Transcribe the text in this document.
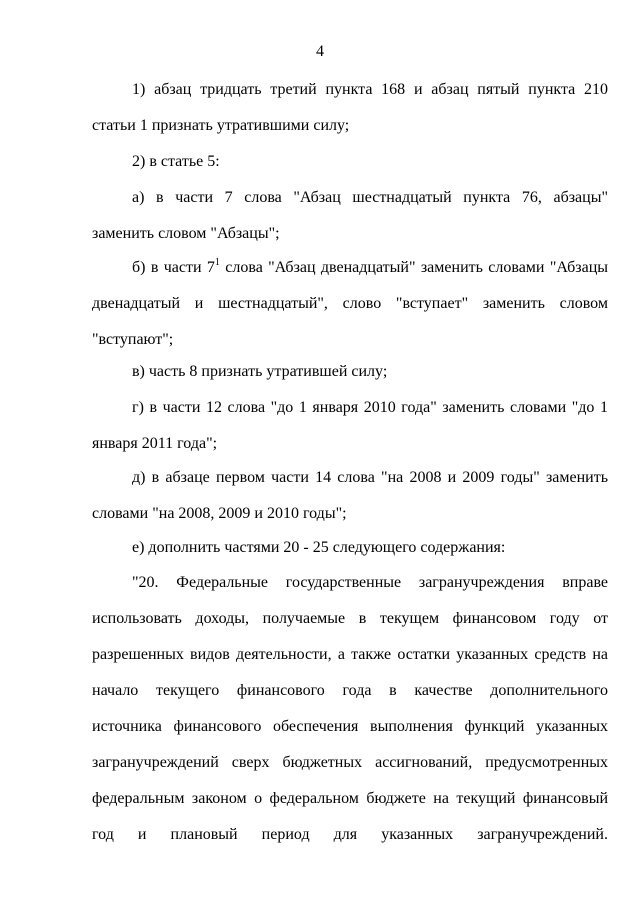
4
1) абзац тридцать третий пункта 168 и абзац пятый пункта 210
статьи 1 признать утратившими силу;
2) в статье 5:
а) в части 7 слова "Абзац шестнадцатый пункта 76, абзацы"
заменить словом "Абзацы";
б) в части $7^1$ слова "Абзац двенадцатый" заменить словами "Абзацы
двенадцатый и шестнадцатый", слово "вступает" заменить словом
"вступают";
в) часть 8 признать утратившей силу;
г) в части 12 слова "до 1 января 2010 года" заменить словами "до 1
января 2011 года";
д) в абзаце первом части 14 слова "на 2008 и 2009 годы" заменить
словами "на 2008, 2009 и 2010 годы";
е) дополнить частями 20 - 25 следующего содержания:
"20. Федеральные государственные загранучреждения вправе
использовать доходы, получаемые в текущем финансовом году от
разрешенных видов деятельности, а также остатки указанных средств на
начало текущего финансового года в качестве дополнительного
источника финансового обеспечения выполнения функций указанных
загранучреждений сверх бюджетных ассигнований, предусмотренных
федеральным законом о федеральном бюджете на текущий финансовый
год и плановый период для указанных загранучреждений.
